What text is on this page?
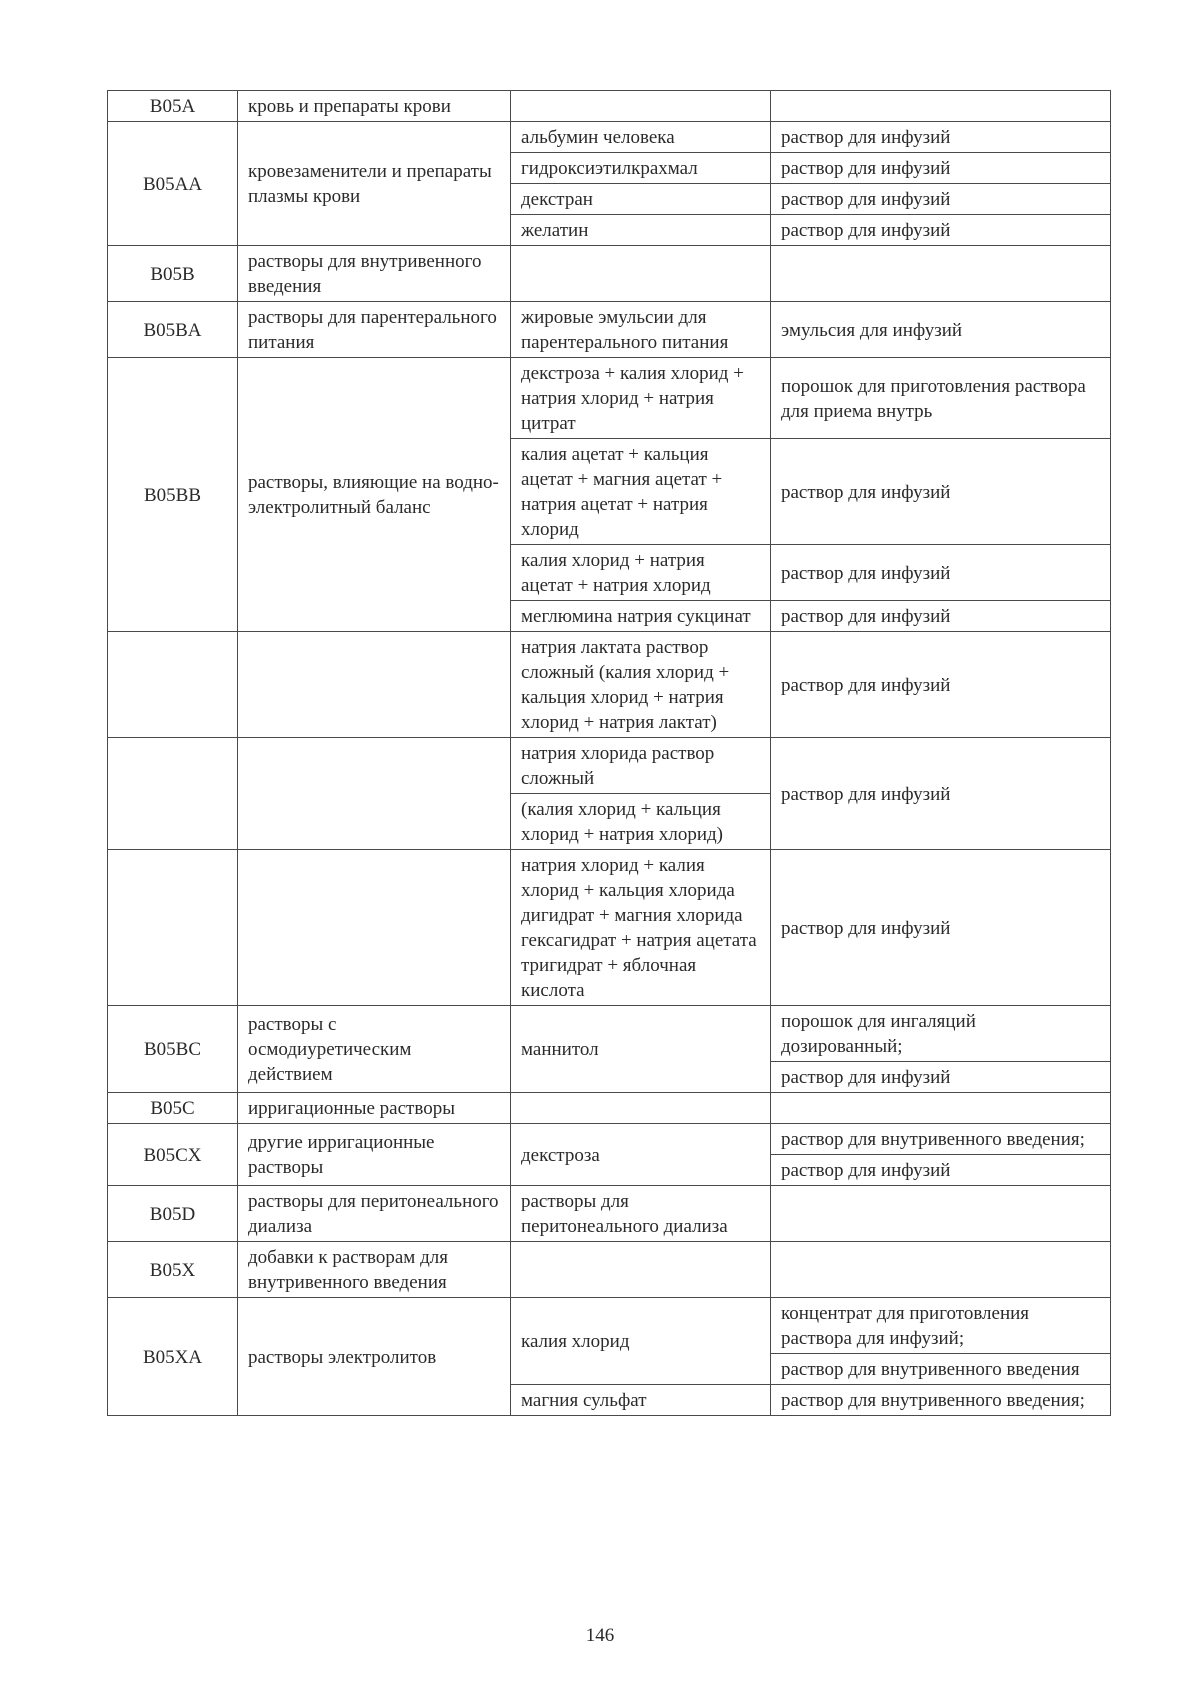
B05A	кровь и препараты крови		
B05AA	кровезаменители и препараты плазмы крови	альбумин человека	раствор для инфузий
		гидроксиэтилкрахмал	раствор для инфузий
		декстран	раствор для инфузий
		желатин	раствор для инфузий
B05B	растворы для внутривенного введения		
B05BA	растворы для парентерального питания	жировые эмульсии для парентерального питания	эмульсия для инфузий
B05BB	растворы, влияющие на водно-электролитный баланс	декстроза + калия хлорид + натрия хлорид + натрия цитрат	порошок для приготовления раствора для приема внутрь
		калия ацетат + кальция ацетат + магния ацетат + натрия ацетат + натрия хлорид	раствор для инфузий
		калия хлорид + натрия ацетат + натрия хлорид	раствор для инфузий
		меглюмина натрия сукцинат	раствор для инфузий
		натрия лактата раствор сложный (калия хлорид + кальция хлорид + натрия хлорид + натрия лактат)	раствор для инфузий
		натрия хлорида раствор сложный	раствор для инфузий
		(калия хлорид + кальция хлорид + натрия хлорид)	
		натрия хлорид + калия хлорид + кальция хлорида дигидрат + магния хлорида гексагидрат + натрия ацетата тригидрат + яблочная кислота	раствор для инфузий
B05BC	растворы с осмодиуретическим действием	маннитол	порошок для ингаляций дозированный;
			раствор для инфузий
B05C	ирригационные растворы		
B05CX	другие ирригационные растворы	декстроза	раствор для внутривенного введения;
			раствор для инфузий
B05D	растворы для перитонеального диализа	растворы для перитонеального диализа	
B05X	добавки к растворам для внутривенного введения		
B05XA	растворы электролитов	калия хлорид	концентрат для приготовления раствора для инфузий;
			раствор для внутривенного введения
		магния сульфат	раствор для внутривенного введения;
146
